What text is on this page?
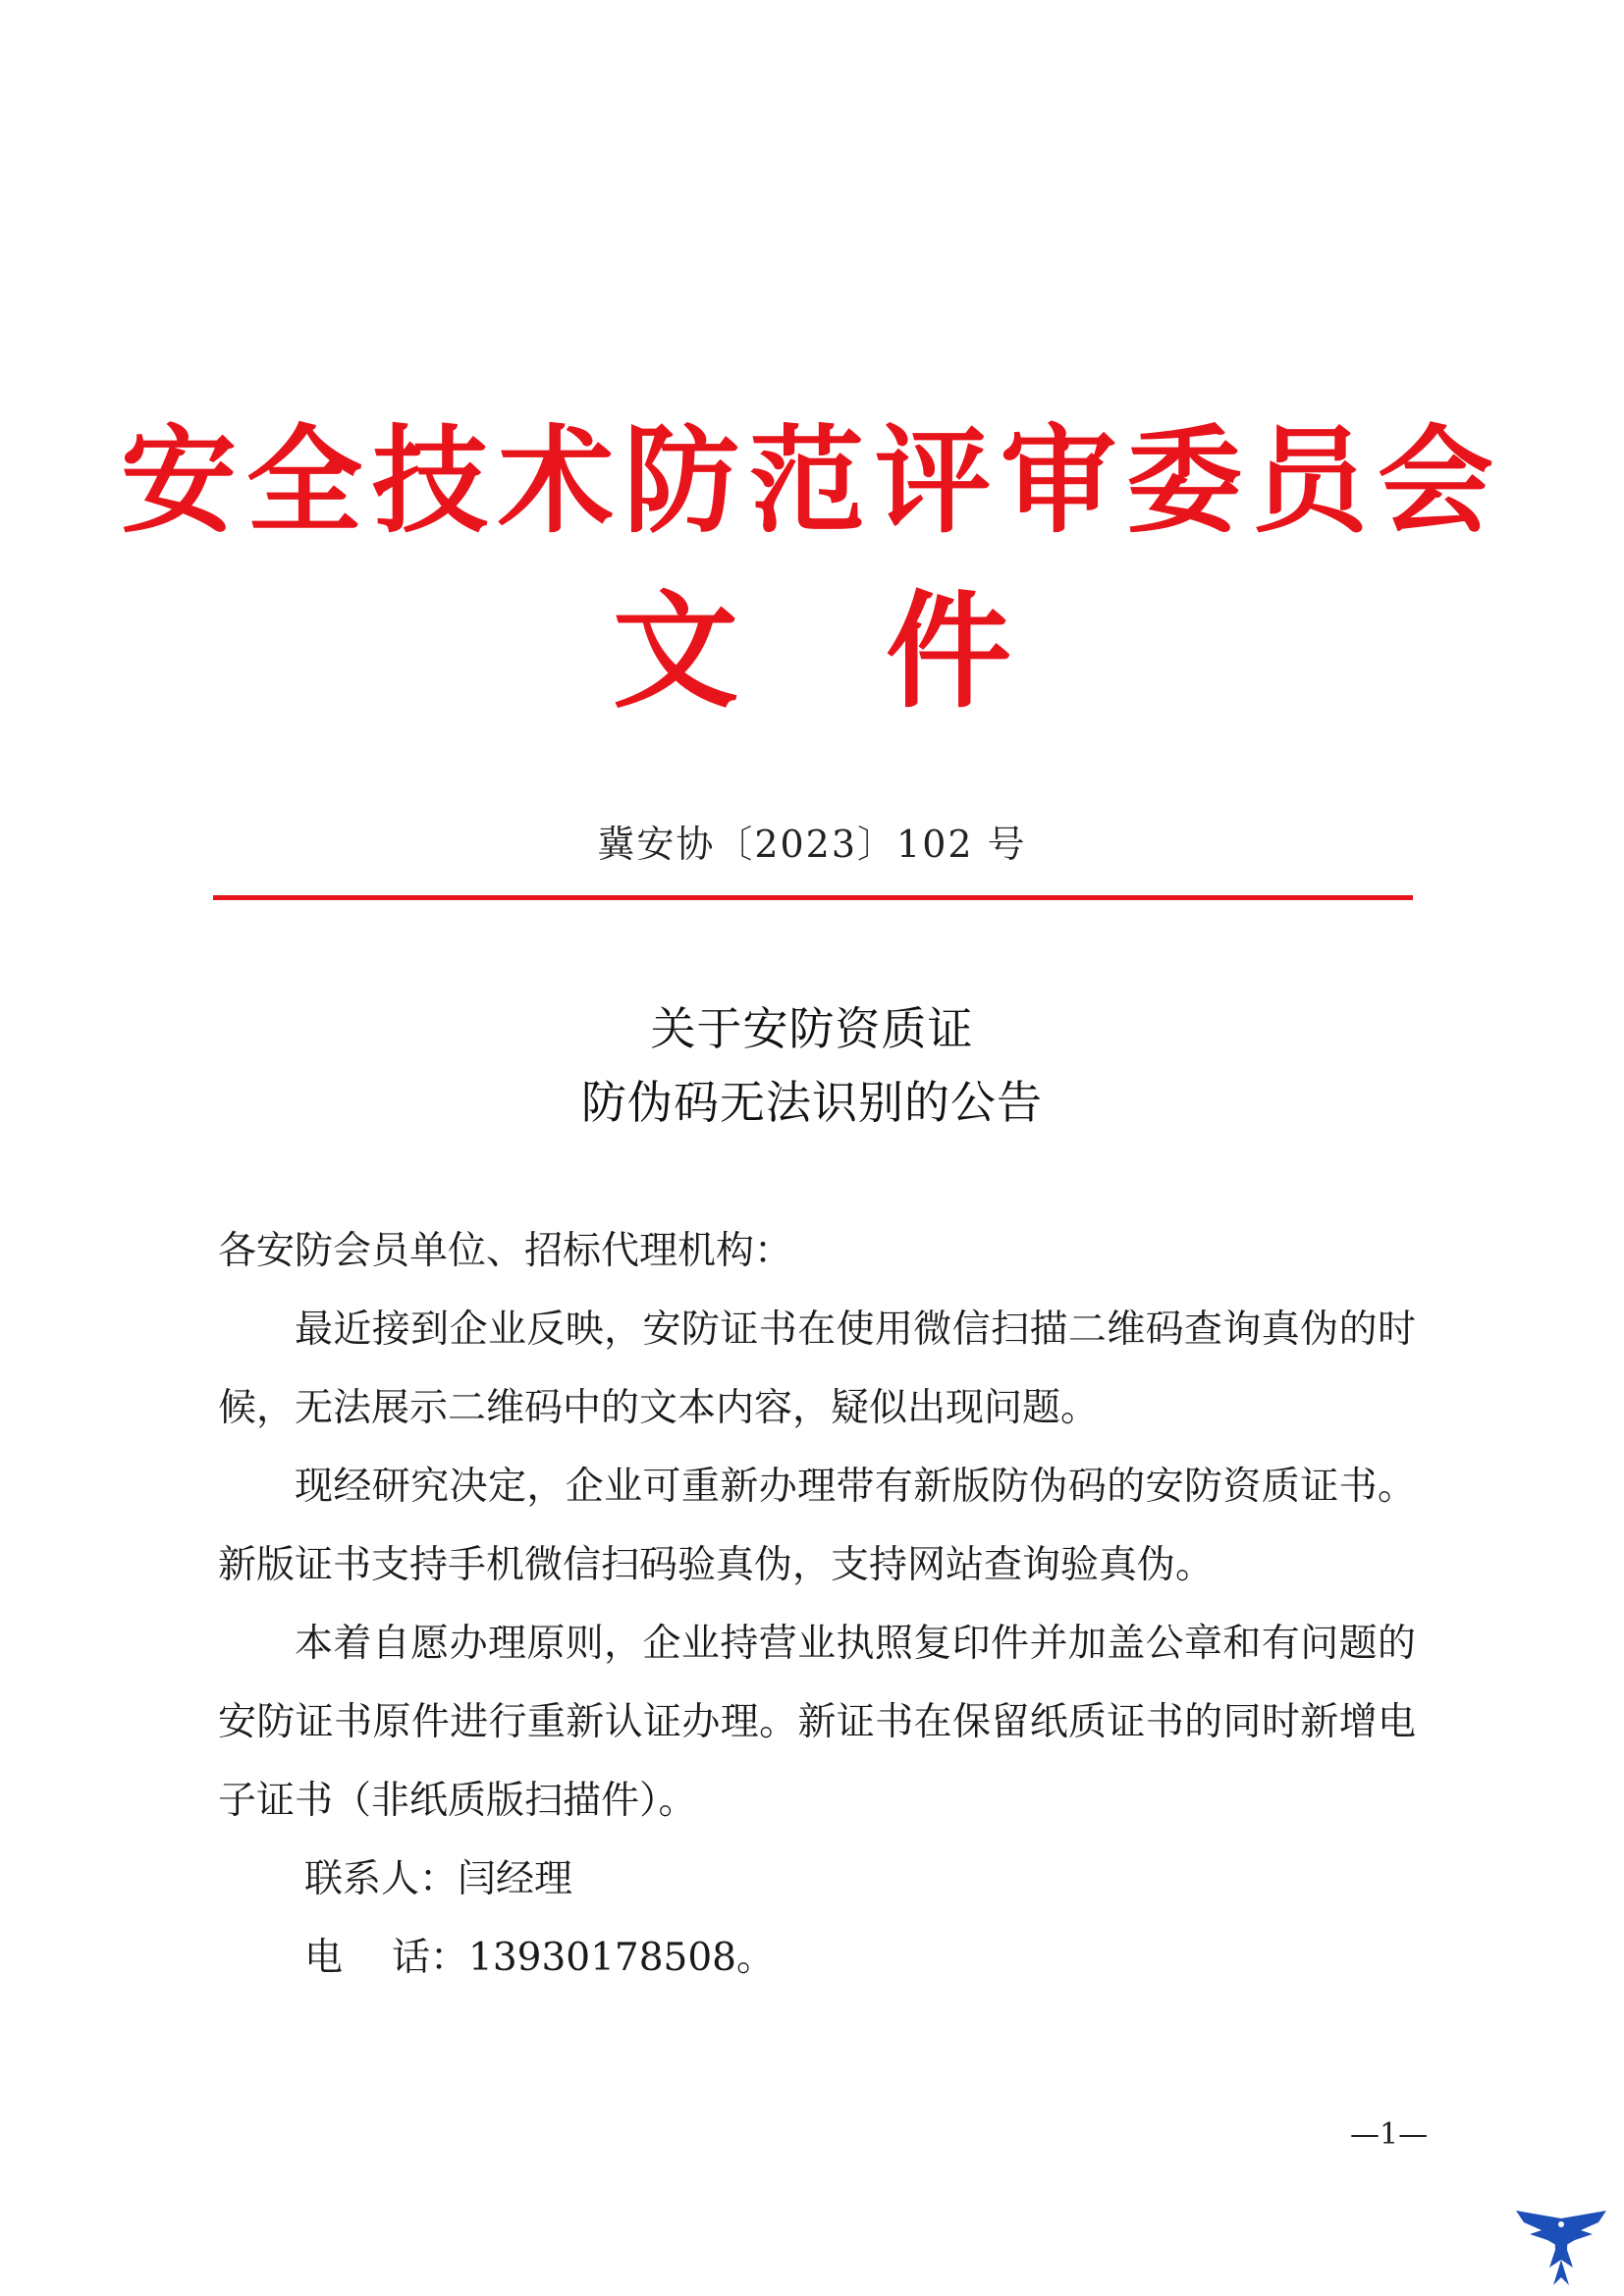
安全技术防范评审委员会
文 件
冀安协〔2023〕102 号
关于安防资质证
防伪码无法识别的公告
各安防会员单位、招标代理机构：
最近接到企业反映，安防证书在使用微信扫描二维码查询真伪的时候，无法展示二维码中的文本内容，疑似出现问题。
现经研究决定，企业可重新办理带有新版防伪码的安防资质证书。新版证书支持手机微信扫码验真伪，支持网站查询验真伪。
本着自愿办理原则，企业持营业执照复印件并加盖公章和有问题的安防证书原件进行重新认证办理。新证书在保留纸质证书的同时新增电子证书（非纸质版扫描件）。
联系人：闫经理
电 话：13930178508。
—1—
